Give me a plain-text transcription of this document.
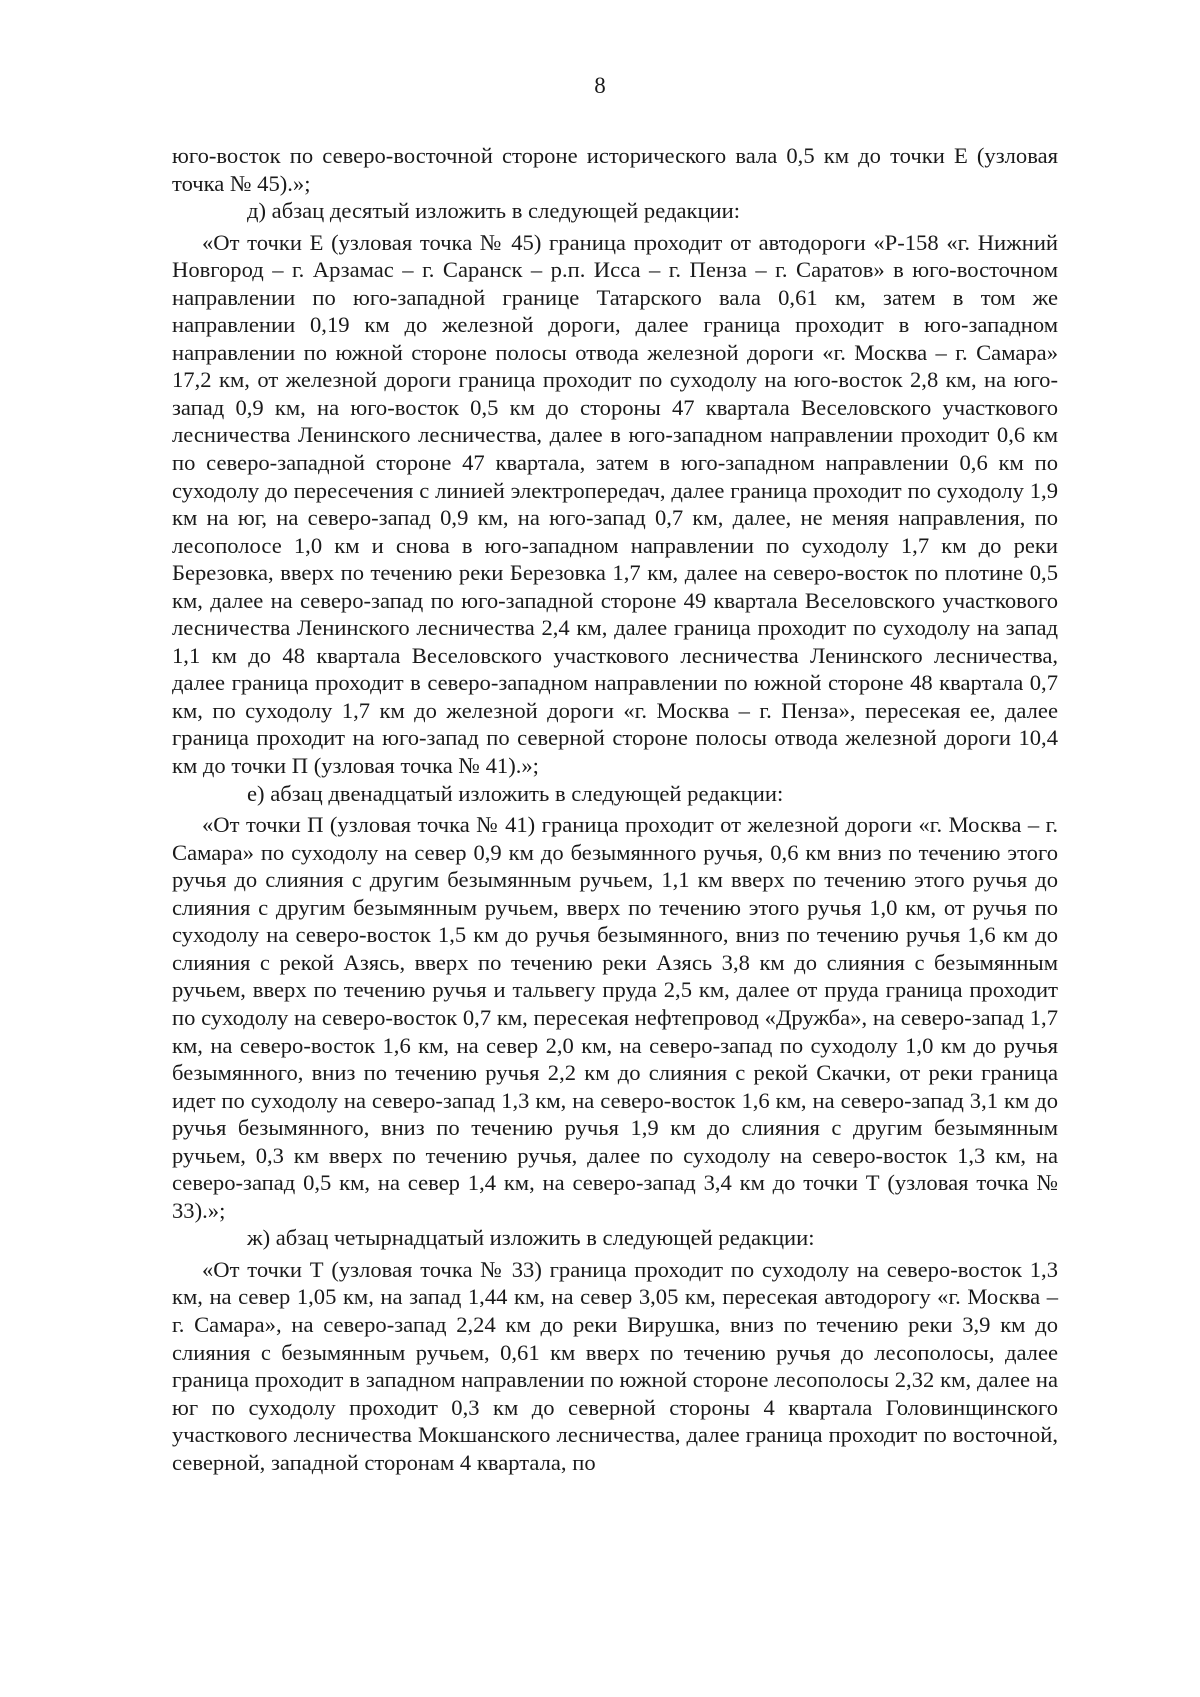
8

юго-восток по северо-восточной стороне исторического вала 0,5 км до точки Е (узловая точка № 45).»;

д) абзац десятый изложить в следующей редакции:

«От точки Е (узловая точка № 45) граница проходит от автодороги «Р-158 «г. Нижний Новгород – г. Арзамас – г. Саранск – р.п. Исса – г. Пенза – г. Саратов» в юго-восточном направлении по юго-западной границе Татарского вала 0,61 км, затем в том же направлении 0,19 км до железной дороги, далее граница проходит в юго-западном направлении по южной стороне полосы отвода железной дороги «г. Москва – г. Самара» 17,2 км, от железной дороги граница проходит по суходолу на юго-восток 2,8 км, на юго-запад 0,9 км, на юго-восток 0,5 км до стороны 47 квартала Веселовского участкового лесничества Ленинского лесничества, далее в юго-западном направлении проходит 0,6 км по северо-западной стороне 47 квартала, затем в юго-западном направлении 0,6 км по суходолу до пересечения с линией электропередач, далее граница проходит по суходолу 1,9 км на юг, на северо-запад 0,9 км, на юго-запад 0,7 км, далее, не меняя направления, по лесополосе 1,0 км и снова в юго-западном направлении по суходолу 1,7 км до реки Березовка, вверх по течению реки Березовка 1,7 км, далее на северо-восток по плотине 0,5 км, далее на северо-запад по юго-западной стороне 49 квартала Веселовского участкового лесничества Ленинского лесничества 2,4 км, далее граница проходит по суходолу на запад 1,1 км до 48 квартала Веселовского участкового лесничества Ленинского лесничества, далее граница проходит в северо-западном направлении по южной стороне 48 квартала 0,7 км, по суходолу 1,7 км до железной дороги «г. Москва – г. Пенза», пересекая ее, далее граница проходит на юго-запад по северной стороне полосы отвода железной дороги 10,4 км до точки П (узловая точка № 41).»;

е) абзац двенадцатый изложить в следующей редакции:

«От точки П (узловая точка № 41) граница проходит от железной дороги «г. Москва – г. Самара» по суходолу на север 0,9 км до безымянного ручья, 0,6 км вниз по течению этого ручья до слияния с другим безымянным ручьем, 1,1 км вверх по течению этого ручья до слияния с другим безымянным ручьем, вверх по течению этого ручья 1,0 км, от ручья по суходолу на северо-восток 1,5 км до ручья безымянного, вниз по течению ручья 1,6 км до слияния с рекой Азясь, вверх по течению реки Азясь 3,8 км до слияния с безымянным ручьем, вверх по течению ручья и тальвегу пруда 2,5 км, далее от пруда граница проходит по суходолу на северо-восток 0,7 км, пересекая нефтепровод «Дружба», на северо-запад 1,7 км, на северо-восток 1,6 км, на север 2,0 км, на северо-запад по суходолу 1,0 км до ручья безымянного, вниз по течению ручья 2,2 км до слияния с рекой Скачки, от реки граница идет по суходолу на северо-запад 1,3 км, на северо-восток 1,6 км, на северо-запад 3,1 км до ручья безымянного, вниз по течению ручья 1,9 км до слияния с другим безымянным ручьем, 0,3 км вверх по течению ручья, далее по суходолу на северо-восток 1,3 км, на северо-запад 0,5 км, на север 1,4 км, на северо-запад 3,4 км до точки Т (узловая точка № 33).»;

ж) абзац четырнадцатый изложить в следующей редакции:

«От точки Т (узловая точка № 33) граница проходит по суходолу на северо-восток 1,3 км, на север 1,05 км, на запад 1,44 км, на север 3,05 км, пересекая автодорогу «г. Москва – г. Самара», на северо-запад 2,24 км до реки Вирушка, вниз по течению реки 3,9 км до слияния с безымянным ручьем, 0,61 км вверх по течению ручья до лесополосы, далее граница проходит в западном направлении по южной стороне лесополосы 2,32 км, далее на юг по суходолу проходит 0,3 км до северной стороны 4 квартала Головинщинского участкового лесничества Мокшанского лесничества, далее граница проходит по восточной, северной, западной сторонам 4 квартала, по
